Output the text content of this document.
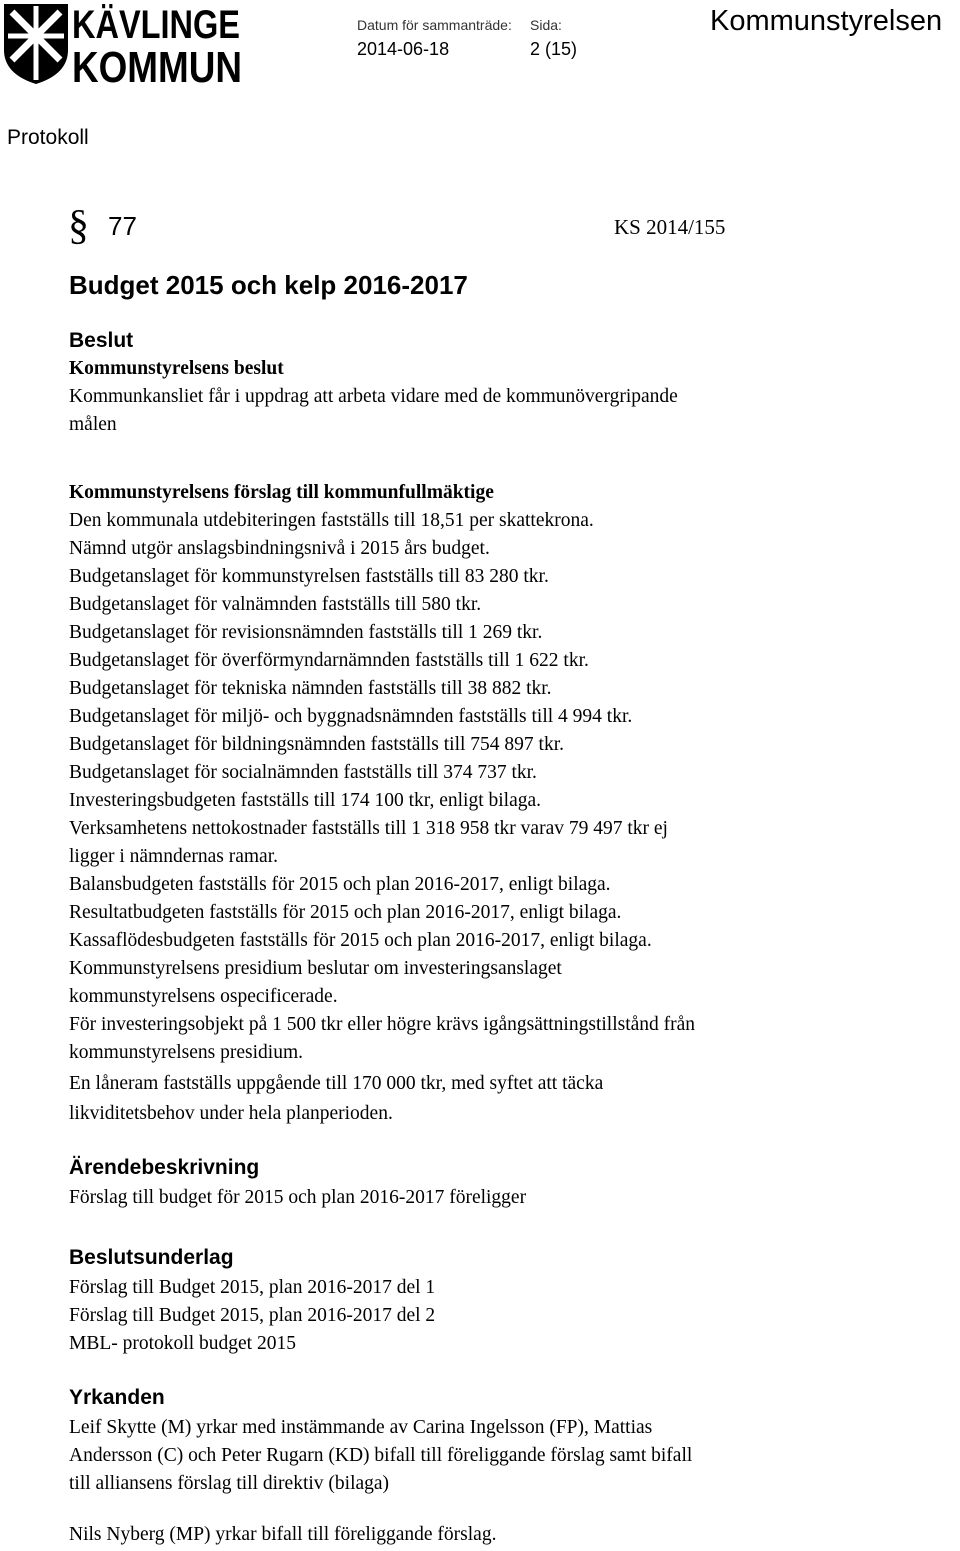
KÄVLINGE
KOMMUN
Datum för sammanträde:
2014-06-18
Sida:
2 (15)
Kommunstyrelsen
Protokoll
§ 77	KS 2014/155
Budget 2015 och kelp 2016-2017
Beslut
Kommunstyrelsens beslut
Kommunkansliet får i uppdrag att arbeta vidare med de kommunövergripande
målen
Kommunstyrelsens förslag till kommunfullmäktige
Den kommunala utdebiteringen fastställs till 18,51 per skattekrona.
Nämnd utgör anslagsbindningsnivå i 2015 års budget.
Budgetanslaget för kommunstyrelsen fastställs till 83 280 tkr.
Budgetanslaget för valnämnden fastställs till 580 tkr.
Budgetanslaget för revisionsnämnden fastställs till 1 269 tkr.
Budgetanslaget för överförmyndarnämnden fastställs till 1 622 tkr.
Budgetanslaget för tekniska nämnden fastställs till 38 882 tkr.
Budgetanslaget för miljö- och byggnadsnämnden fastställs till 4 994 tkr.
Budgetanslaget för bildningsnämnden fastställs till 754 897 tkr.
Budgetanslaget för socialnämnden fastställs till 374 737 tkr.
Investeringsbudgeten fastställs till 174 100 tkr, enligt bilaga.
Verksamhetens nettokostnader fastställs till 1 318 958 tkr varav 79 497 tkr ej
ligger i nämndernas ramar.
Balansbudgeten fastställs för 2015 och plan 2016-2017, enligt bilaga.
Resultatbudgeten fastställs för 2015 och plan 2016-2017, enligt bilaga.
Kassaflödesbudgeten fastställs för 2015 och plan 2016-2017, enligt bilaga.
Kommunstyrelsens presidium beslutar om investeringsanslaget
kommunstyrelsens ospecificerade.
För investeringsobjekt på 1 500 tkr eller högre krävs igångsättningstillstånd från
kommunstyrelsens presidium.
En låneram fastställs uppgående till 170 000 tkr, med syftet att täcka
likviditetsbehov under hela planperioden.
Ärendebeskrivning
Förslag till budget för 2015 och plan 2016-2017 föreligger
Beslutsunderlag
Förslag till Budget 2015, plan 2016-2017 del 1
Förslag till Budget 2015, plan 2016-2017 del 2
MBL- protokoll budget 2015
Yrkanden
Leif Skytte (M) yrkar med instämmande av Carina Ingelsson (FP), Mattias
Andersson (C) och Peter Rugarn (KD) bifall till föreliggande förslag samt bifall
till alliansens förslag till direktiv (bilaga)
Nils Nyberg (MP) yrkar bifall till föreliggande förslag.
